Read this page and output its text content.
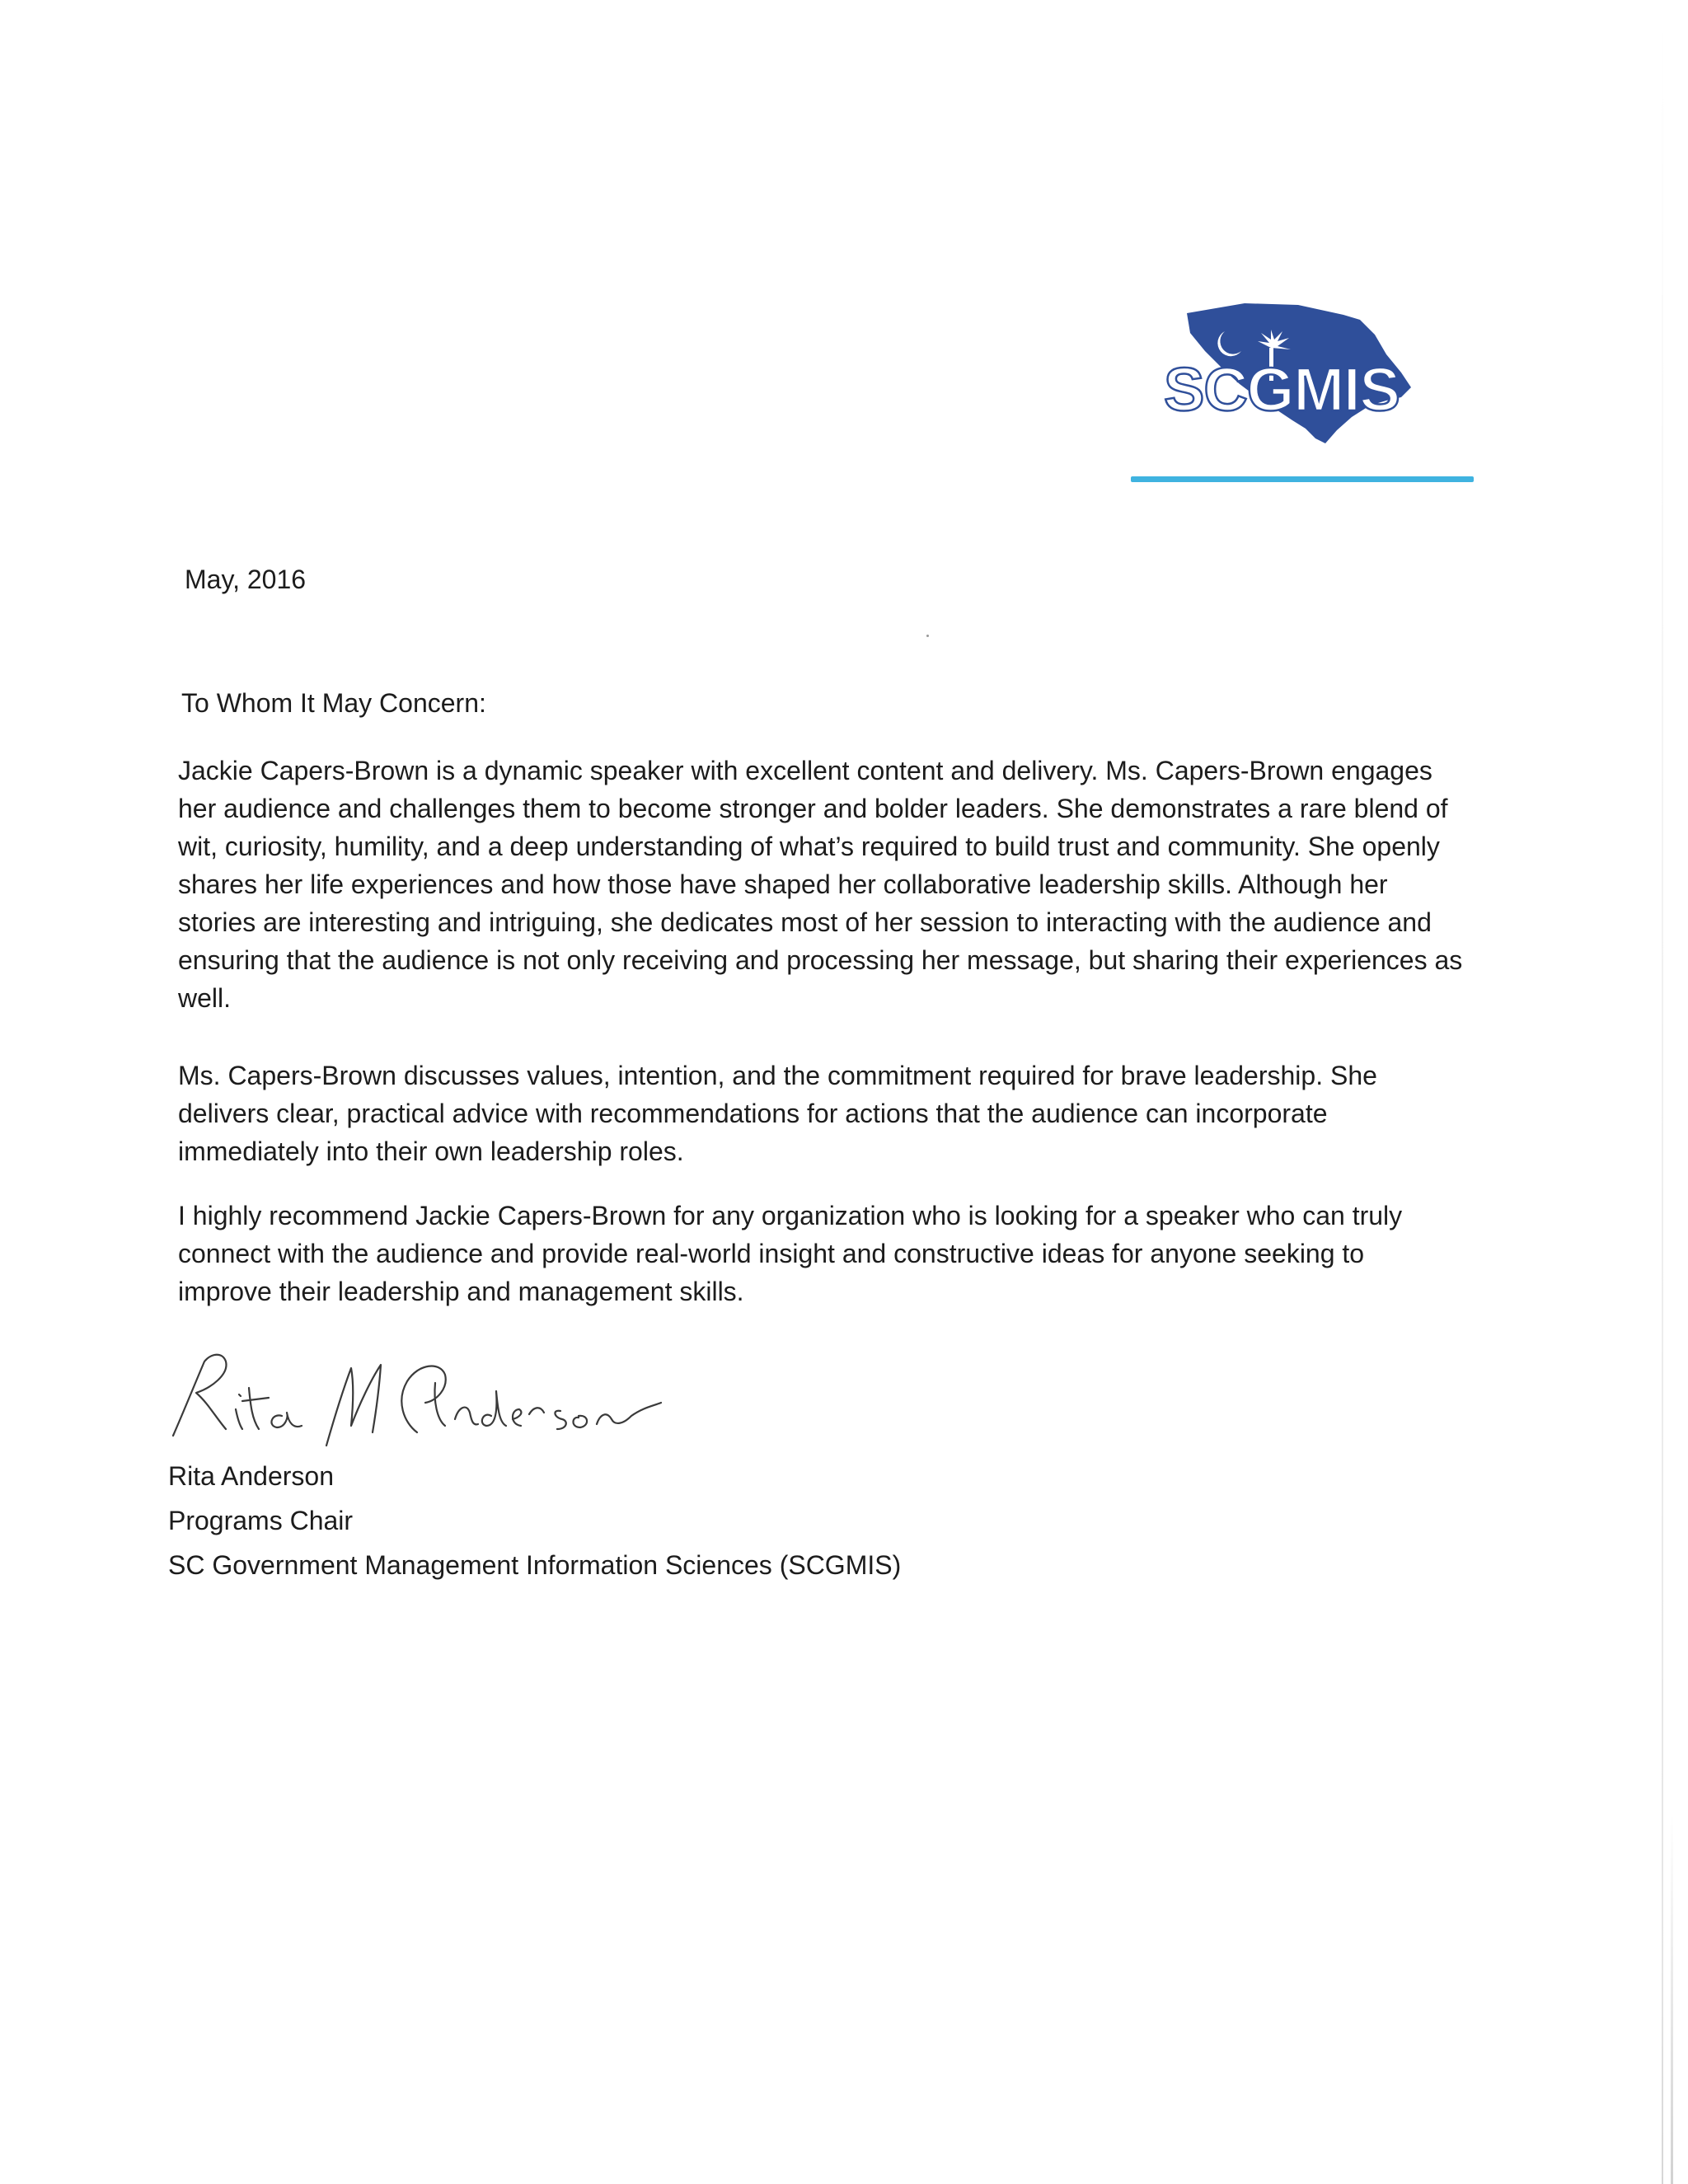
SCGMIS
May, 2016
To Whom It May Concern:

Jackie Capers-Brown is a dynamic speaker with excellent content and delivery. Ms. Capers-Brown engages her audience and challenges them to become stronger and bolder leaders. She demonstrates a rare blend of wit, curiosity, humility, and a deep understanding of what’s required to build trust and community. She openly shares her life experiences and how those have shaped her collaborative leadership skills. Although her stories are interesting and intriguing, she dedicates most of her session to interacting with the audience and ensuring that the audience is not only receiving and processing her message, but sharing their experiences as well.

Ms. Capers-Brown discusses values, intention, and the commitment required for brave leadership. She delivers clear, practical advice with recommendations for actions that the audience can incorporate immediately into their own leadership roles.

I highly recommend Jackie Capers-Brown for any organization who is looking for a speaker who can truly connect with the audience and provide real-world insight and constructive ideas for anyone seeking to improve their leadership and management skills.

Rita Anderson
Programs Chair
SC Government Management Information Sciences (SCGMIS)
